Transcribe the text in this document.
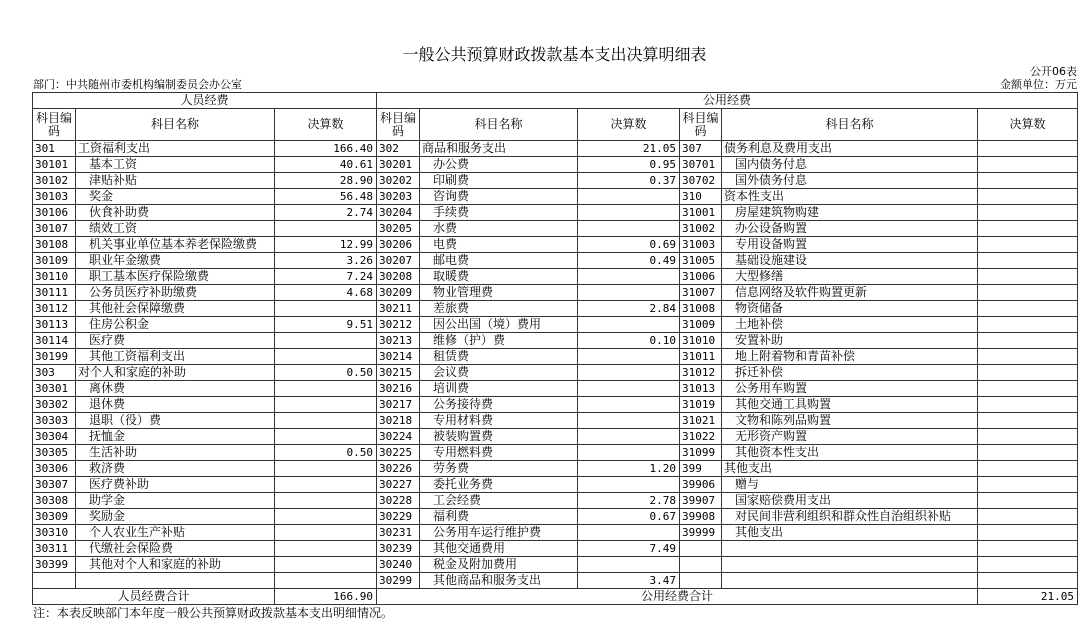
一般公共预算财政拨款基本支出决算明细表
公开06表
部门：中共随州市委机构编制委员会办公室	金额单位：万元
人员经费			公用经费					
科目编码	科目名称	决算数	科目编码	科目名称	决算数	科目编码	科目名称	决算数
301	工资福利支出	166.40	302	商品和服务支出	21.05	307	债务利息及费用支出	
30101	基本工资	40.61	30201	办公费	0.95	30701	国内债务付息	
30102	津贴补贴	28.90	30202	印刷费	0.37	30702	国外债务付息	
30103	奖金	56.48	30203	咨询费		310	资本性支出	
30106	伙食补助费	2.74	30204	手续费		31001	房屋建筑物购建	
30107	绩效工资		30205	水费		31002	办公设备购置	
30108	机关事业单位基本养老保险缴费	12.99	30206	电费	0.69	31003	专用设备购置	
30109	职业年金缴费	3.26	30207	邮电费	0.49	31005	基础设施建设	
30110	职工基本医疗保险缴费	7.24	30208	取暖费		31006	大型修缮	
30111	公务员医疗补助缴费	4.68	30209	物业管理费		31007	信息网络及软件购置更新	
30112	其他社会保障缴费		30211	差旅费	2.84	31008	物资储备	
30113	住房公积金	9.51	30212	因公出国（境）费用		31009	土地补偿	
30114	医疗费		30213	维修（护）费	0.10	31010	安置补助	
30199	其他工资福利支出		30214	租赁费		31011	地上附着物和青苗补偿	
303	对个人和家庭的补助	0.50	30215	会议费		31012	拆迁补偿	
30301	离休费		30216	培训费		31013	公务用车购置	
30302	退休费		30217	公务接待费		31019	其他交通工具购置	
30303	退职（役）费		30218	专用材料费		31021	文物和陈列品购置	
30304	抚恤金		30224	被装购置费		31022	无形资产购置	
30305	生活补助	0.50	30225	专用燃料费		31099	其他资本性支出	
30306	救济费		30226	劳务费	1.20	399	其他支出	
30307	医疗费补助		30227	委托业务费		39906	赠与	
30308	助学金		30228	工会经费	2.78	39907	国家赔偿费用支出	
30309	奖励金		30229	福利费	0.67	39908	对民间非营利组织和群众性自治组织补贴	
30310	个人农业生产补贴		30231	公务用车运行维护费		39999	其他支出	
30311	代缴社会保险费		30239	其他交通费用	7.49			
30399	其他对个人和家庭的补助		30240	税金及附加费用				
			30299	其他商品和服务支出	3.47			
人员经费合计		166.90	公用经费合计					21.05
注：本表反映部门本年度一般公共预算财政拨款基本支出明细情况。
